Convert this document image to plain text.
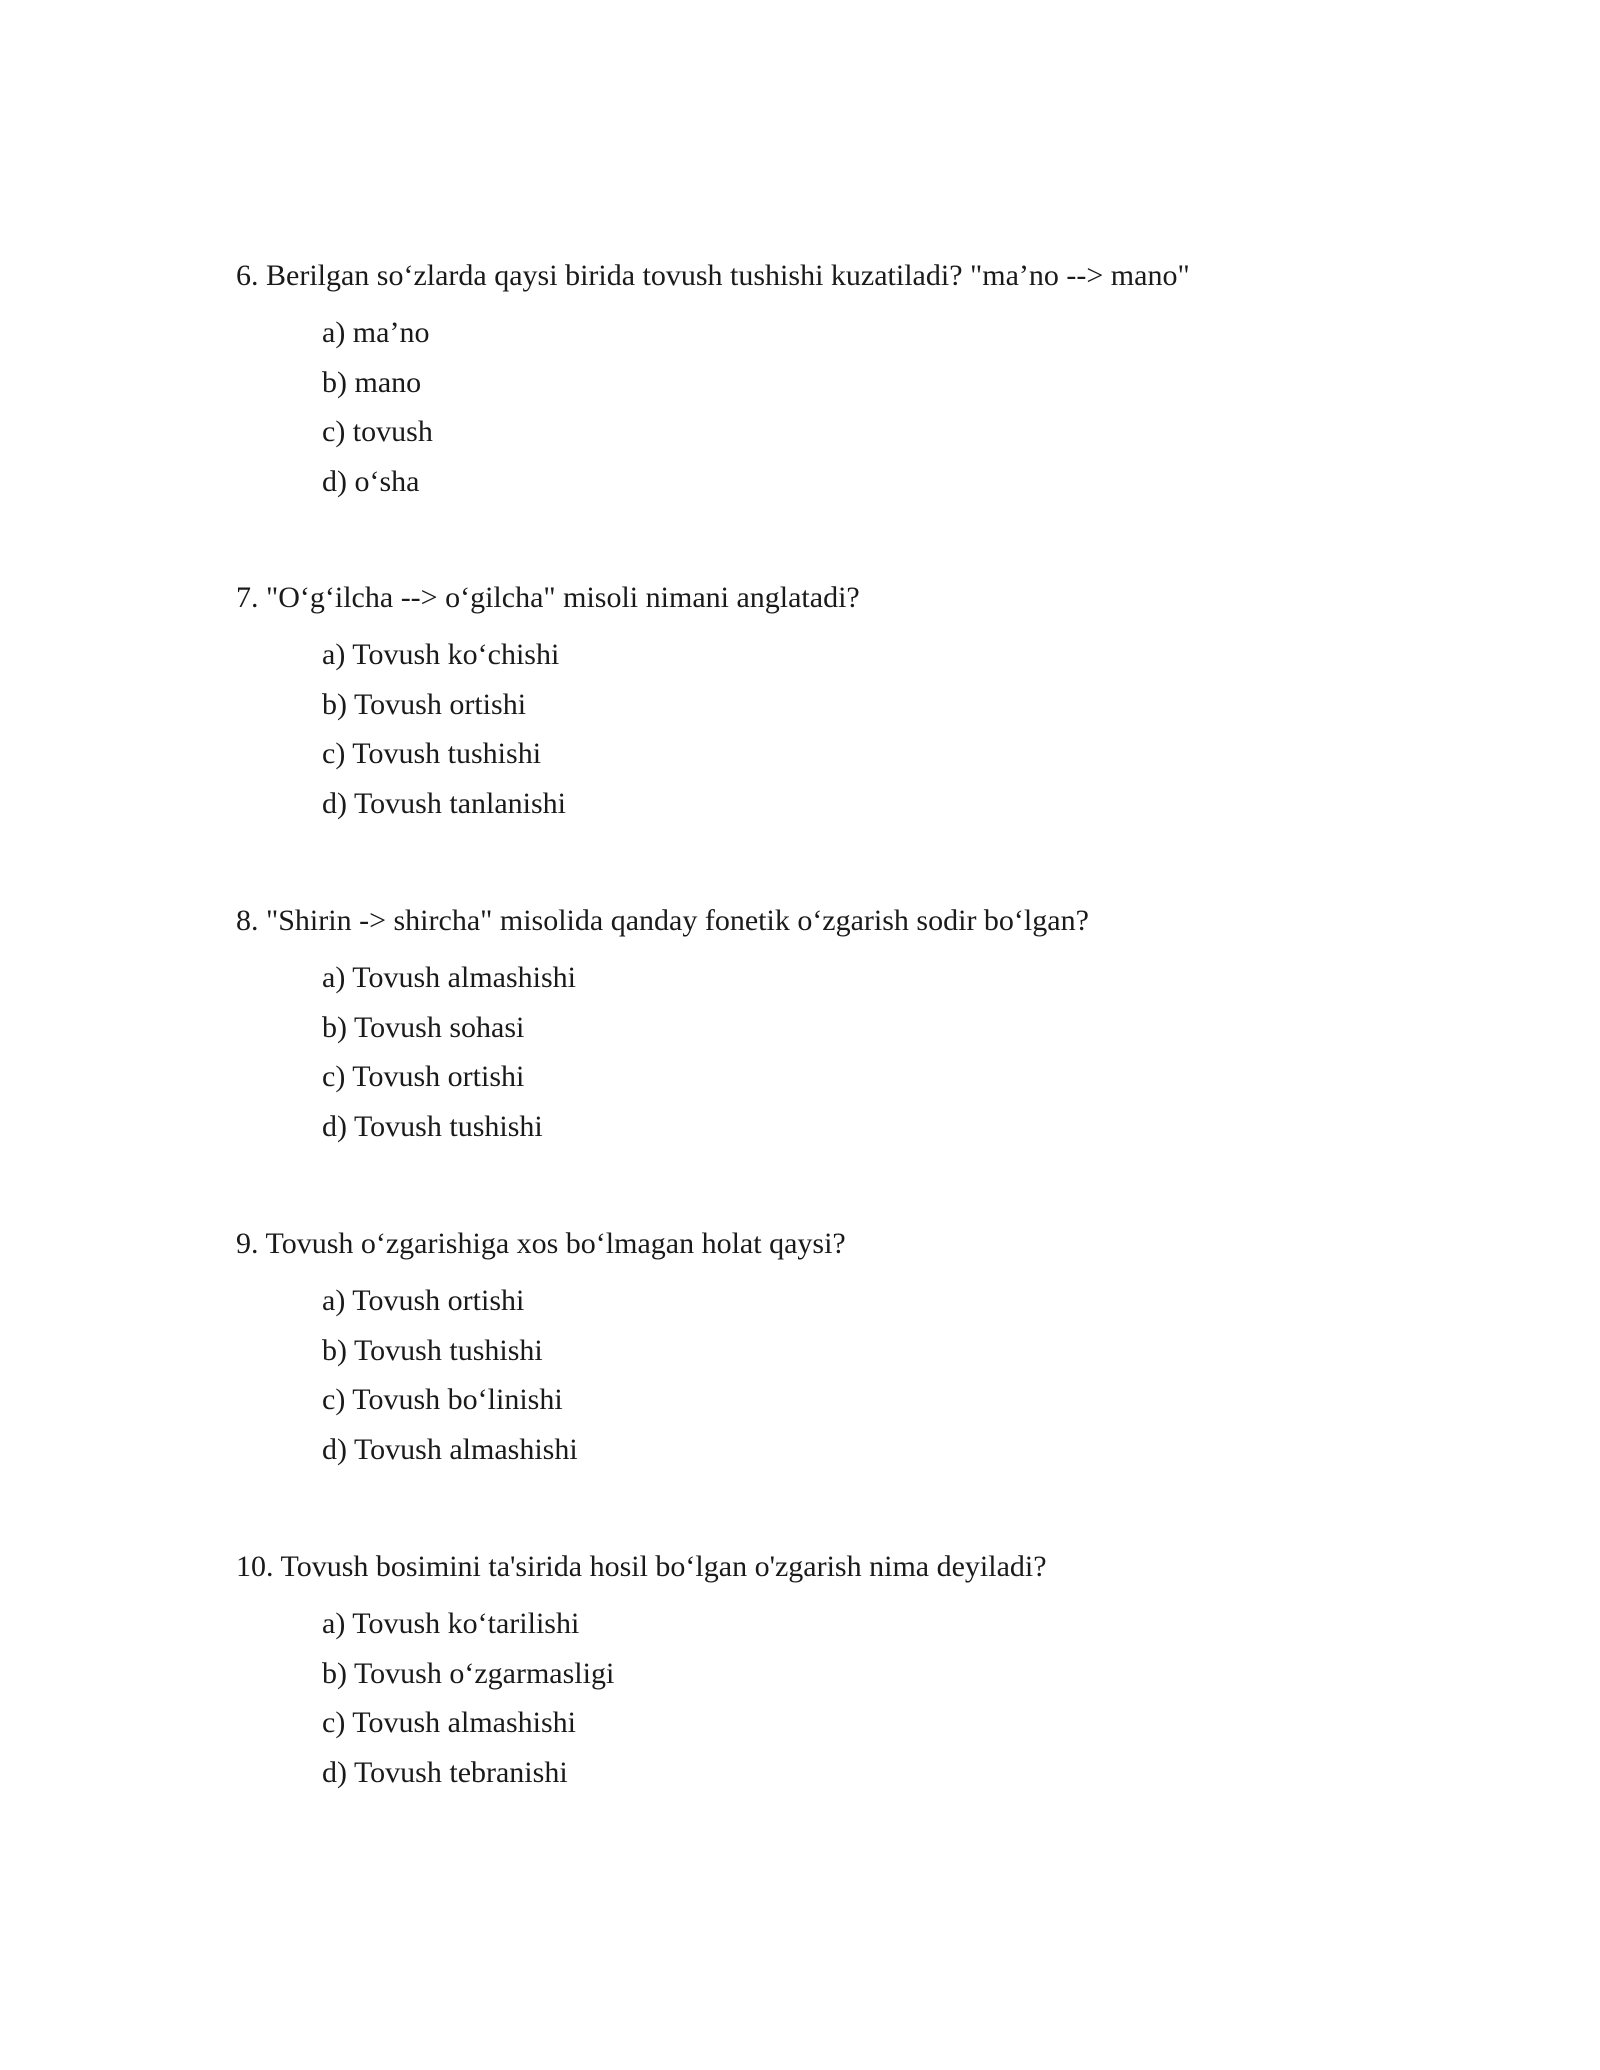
6. Berilgan so‘zlarda qaysi birida tovush tushishi kuzatiladi? "ma’no --> mano"

a) ma’no
b) mano
c) tovush
d) o‘sha

7. "O‘g‘ilcha --> o‘gilcha" misoli nimani anglatadi?

a) Tovush ko‘chishi
b) Tovush ortishi
c) Tovush tushishi
d) Tovush tanlanishi

8. "Shirin -> shircha" misolida qanday fonetik o‘zgarish sodir bo‘lgan?

a) Tovush almashishi
b) Tovush sohasi
c) Tovush ortishi
d) Tovush tushishi

9. Tovush o‘zgarishiga xos bo‘lmagan holat qaysi?

a) Tovush ortishi
b) Tovush tushishi
c) Tovush bo‘linishi
d) Tovush almashishi

10. Tovush bosimini ta'sirida hosil bo‘lgan o'zgarish nima deyiladi?

a) Tovush ko‘tarilishi
b) Tovush o‘zgarmasligi
c) Tovush almashishi
d) Tovush tebranishi
